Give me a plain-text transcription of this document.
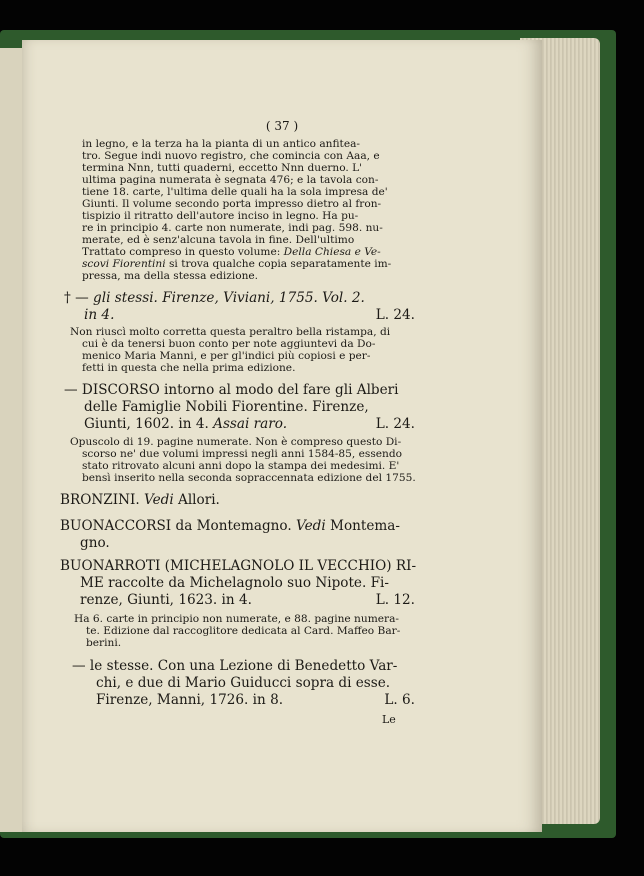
( 37 )
in legno, e la terza ha la pianta di un antico anfitea-
tro. Segue indi nuovo registro, che comincia con Aaa, e
termina Nnn, tutti quaderni, eccetto Nnn duerno. L'
ultima pagina numerata è segnata 476; e la tavola con-
tiene 18. carte, l'ultima delle quali ha la sola impresa de'
Giunti. Il volume secondo porta impresso dietro al fron-
tispizio il ritratto dell'autore inciso in legno. Ha pu-
re in principio 4. carte non numerate, indi pag. 598. nu-
merate, ed è senz'alcuna tavola in fine. Dell'ultimo
Trattato compreso in questo volume: Della Chiesa e Ve-
scovi Fiorentini si trova qualche copia separatamente im-
pressa, ma della stessa edizione.
† — gli stessi. Firenze, Viviani, 1755. Vol. 2.
in 4.	L. 24.
Non riuscì molto corretta questa peraltro bella ristampa, di
cui è da tenersi buon conto per note aggiuntevi da Do-
menico Maria Manni, e per gl'indici più copiosi e per-
fetti in questa che nella prima edizione.
— DISCORSO intorno al modo del fare gli Alberi
delle Famiglie Nobili Fiorentine. Firenze,
Giunti, 1602. in 4. Assai raro.	L. 24.
Opuscolo di 19. pagine numerate. Non è compreso questo Di-
scorso ne' due volumi impressi negli anni 1584-85, essendo
stato ritrovato alcuni anni dopo la stampa dei medesimi. E'
bensì inserito nella seconda sopraccennata edizione del 1755.
BRONZINI. Vedi Allori.
BUONACCORSI da Montemagno. Vedi Montema-
gno.
BUONARROTI (MICHELAGNOLO IL VECCHIO) RI-
ME raccolte da Michelagnolo suo Nipote. Fi-
renze, Giunti, 1623. in 4.	L. 12.
Ha 6. carte in principio non numerate, e 88. pagine numera-
te. Edizione dal raccoglitore dedicata al Card. Maffeo Bar-
berini.
— le stesse. Con una Lezione di Benedetto Var-
chi, e due di Mario Guiducci sopra di esse.
Firenze, Manni, 1726. in 8.	L. 6.
Le
